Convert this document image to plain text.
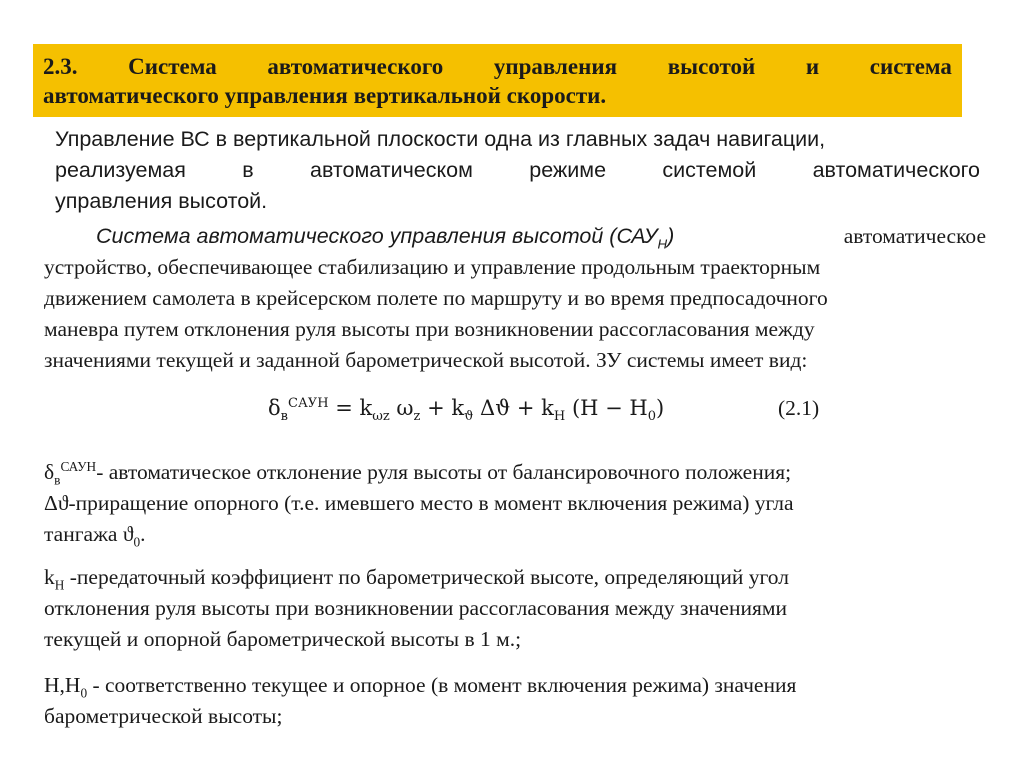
2.3. Система автоматического управления высотой и система
автоматического управления вертикальной скорости.
Управление ВС в вертикальной плоскости одна из главных задач навигации,
реализуемая	в	автоматическом	режиме	системой	автоматического
управления высотой.
Система автоматического управления высотой $(САУ_Н)$	автоматическое
устройство, обеспечивающее стабилизацию и управление продольным траекторным
движением самолета в крейсерском полете по маршруту и во время предпосадочного
маневра путем отклонения руля высоты при возникновении рассогласования между
значениями текущей и заданной барометрической высотой. ЗУ системы имеет вид:
$\delta_в^{САУН} = k_{\omega z}$ $\omega_z + k_ϑ$ $\Delta ϑ + k_H$ $(H - H_0)$	(2.1)
$\delta_в^{САУН}-$ автоматическое отклонение руля высоты от балансировочного положения;
Δϑ-приращение опорного (т.е. имевшего место в момент включения режима) угла
тангажа $ϑ_0$.
$k_H$ -передаточный коэффициент по барометрической высоте, определяющий угол
отклонения руля высоты при возникновении рассогласования между значениями
текущей и опорной барометрической высоты в 1 м.;
$H,H_0$ - соответственно текущее и опорное (в момент включения режима) значения
барометрической высоты;
